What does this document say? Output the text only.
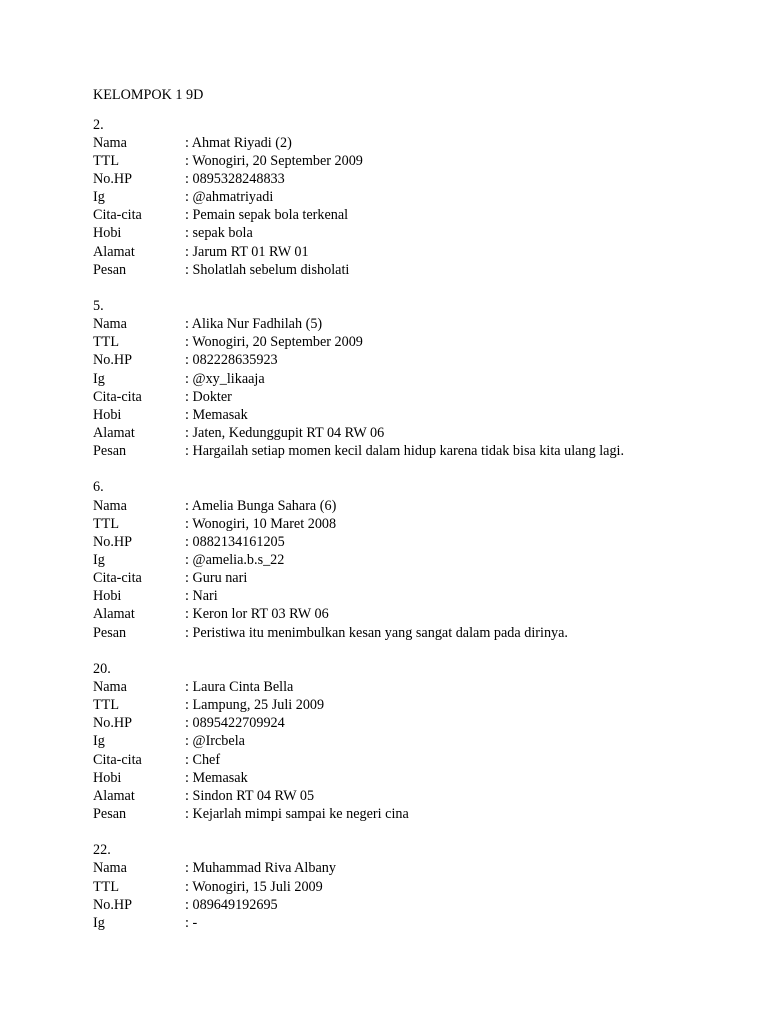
KELOMPOK 1 9D
2.
Nama	: Ahmat Riyadi (2)
TTL	: Wonogiri, 20 September 2009
No.HP	: 0895328248833
Ig	: @ahmatriyadi
Cita-cita	: Pemain sepak bola terkenal
Hobi	: sepak bola
Alamat	: Jarum RT 01 RW 01
Pesan	: Sholatlah sebelum disholati
5.
Nama	: Alika Nur Fadhilah (5)
TTL	: Wonogiri, 20 September 2009
No.HP	: 082228635923
Ig	: @xy_likaaja
Cita-cita	: Dokter
Hobi	: Memasak
Alamat	: Jaten, Kedunggupit RT 04 RW 06
Pesan	: Hargailah setiap momen kecil dalam hidup karena tidak bisa kita ulang lagi.
6.
Nama	: Amelia Bunga Sahara (6)
TTL	: Wonogiri, 10 Maret 2008
No.HP	: 0882134161205
Ig	: @amelia.b.s_22
Cita-cita	: Guru nari
Hobi	: Nari
Alamat	: Keron lor RT 03 RW 06
Pesan	: Peristiwa itu menimbulkan kesan yang sangat dalam pada dirinya.
20.
Nama	: Laura Cinta Bella
TTL	: Lampung, 25 Juli 2009
No.HP	: 0895422709924
Ig	: @Ircbela
Cita-cita	: Chef
Hobi	: Memasak
Alamat	: Sindon RT 04 RW 05
Pesan	: Kejarlah mimpi sampai ke negeri cina
22.
Nama	: Muhammad Riva Albany
TTL	: Wonogiri, 15 Juli 2009
No.HP	: 089649192695
Ig	: -
